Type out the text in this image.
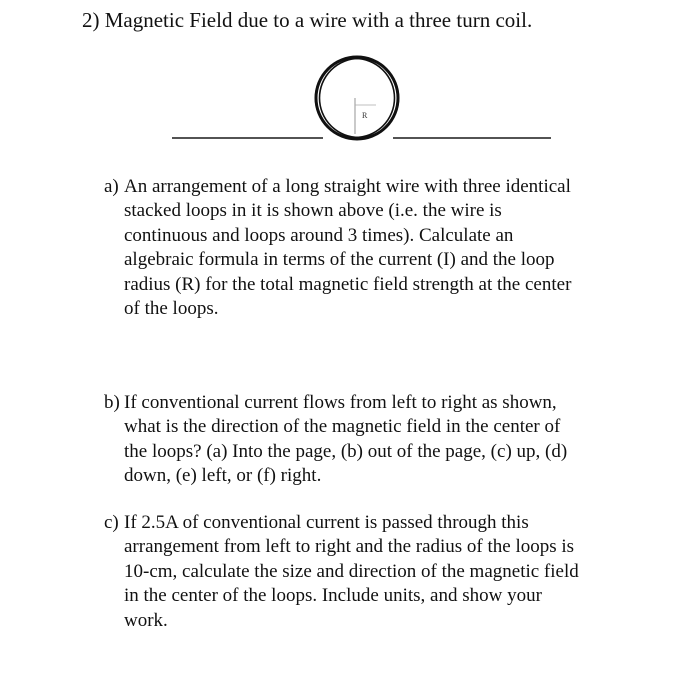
2) Magnetic Field due to a wire with a three turn coil.
R
a) An arrangement of a long straight wire with three identical
stacked loops in it is shown above (i.e. the wire is
continuous and loops around 3 times). Calculate an
algebraic formula in terms of the current (I) and the loop
radius (R) for the total magnetic field strength at the center
of the loops.
b) If conventional current flows from left to right as shown,
what is the direction of the magnetic field in the center of
the loops? (a) Into the page, (b) out of the page, (c) up, (d)
down, (e) left, or (f) right.
c) If 2.5A of conventional current is passed through this
arrangement from left to right and the radius of the loops is
10-cm, calculate the size and direction of the magnetic field
in the center of the loops. Include units, and show your
work.
